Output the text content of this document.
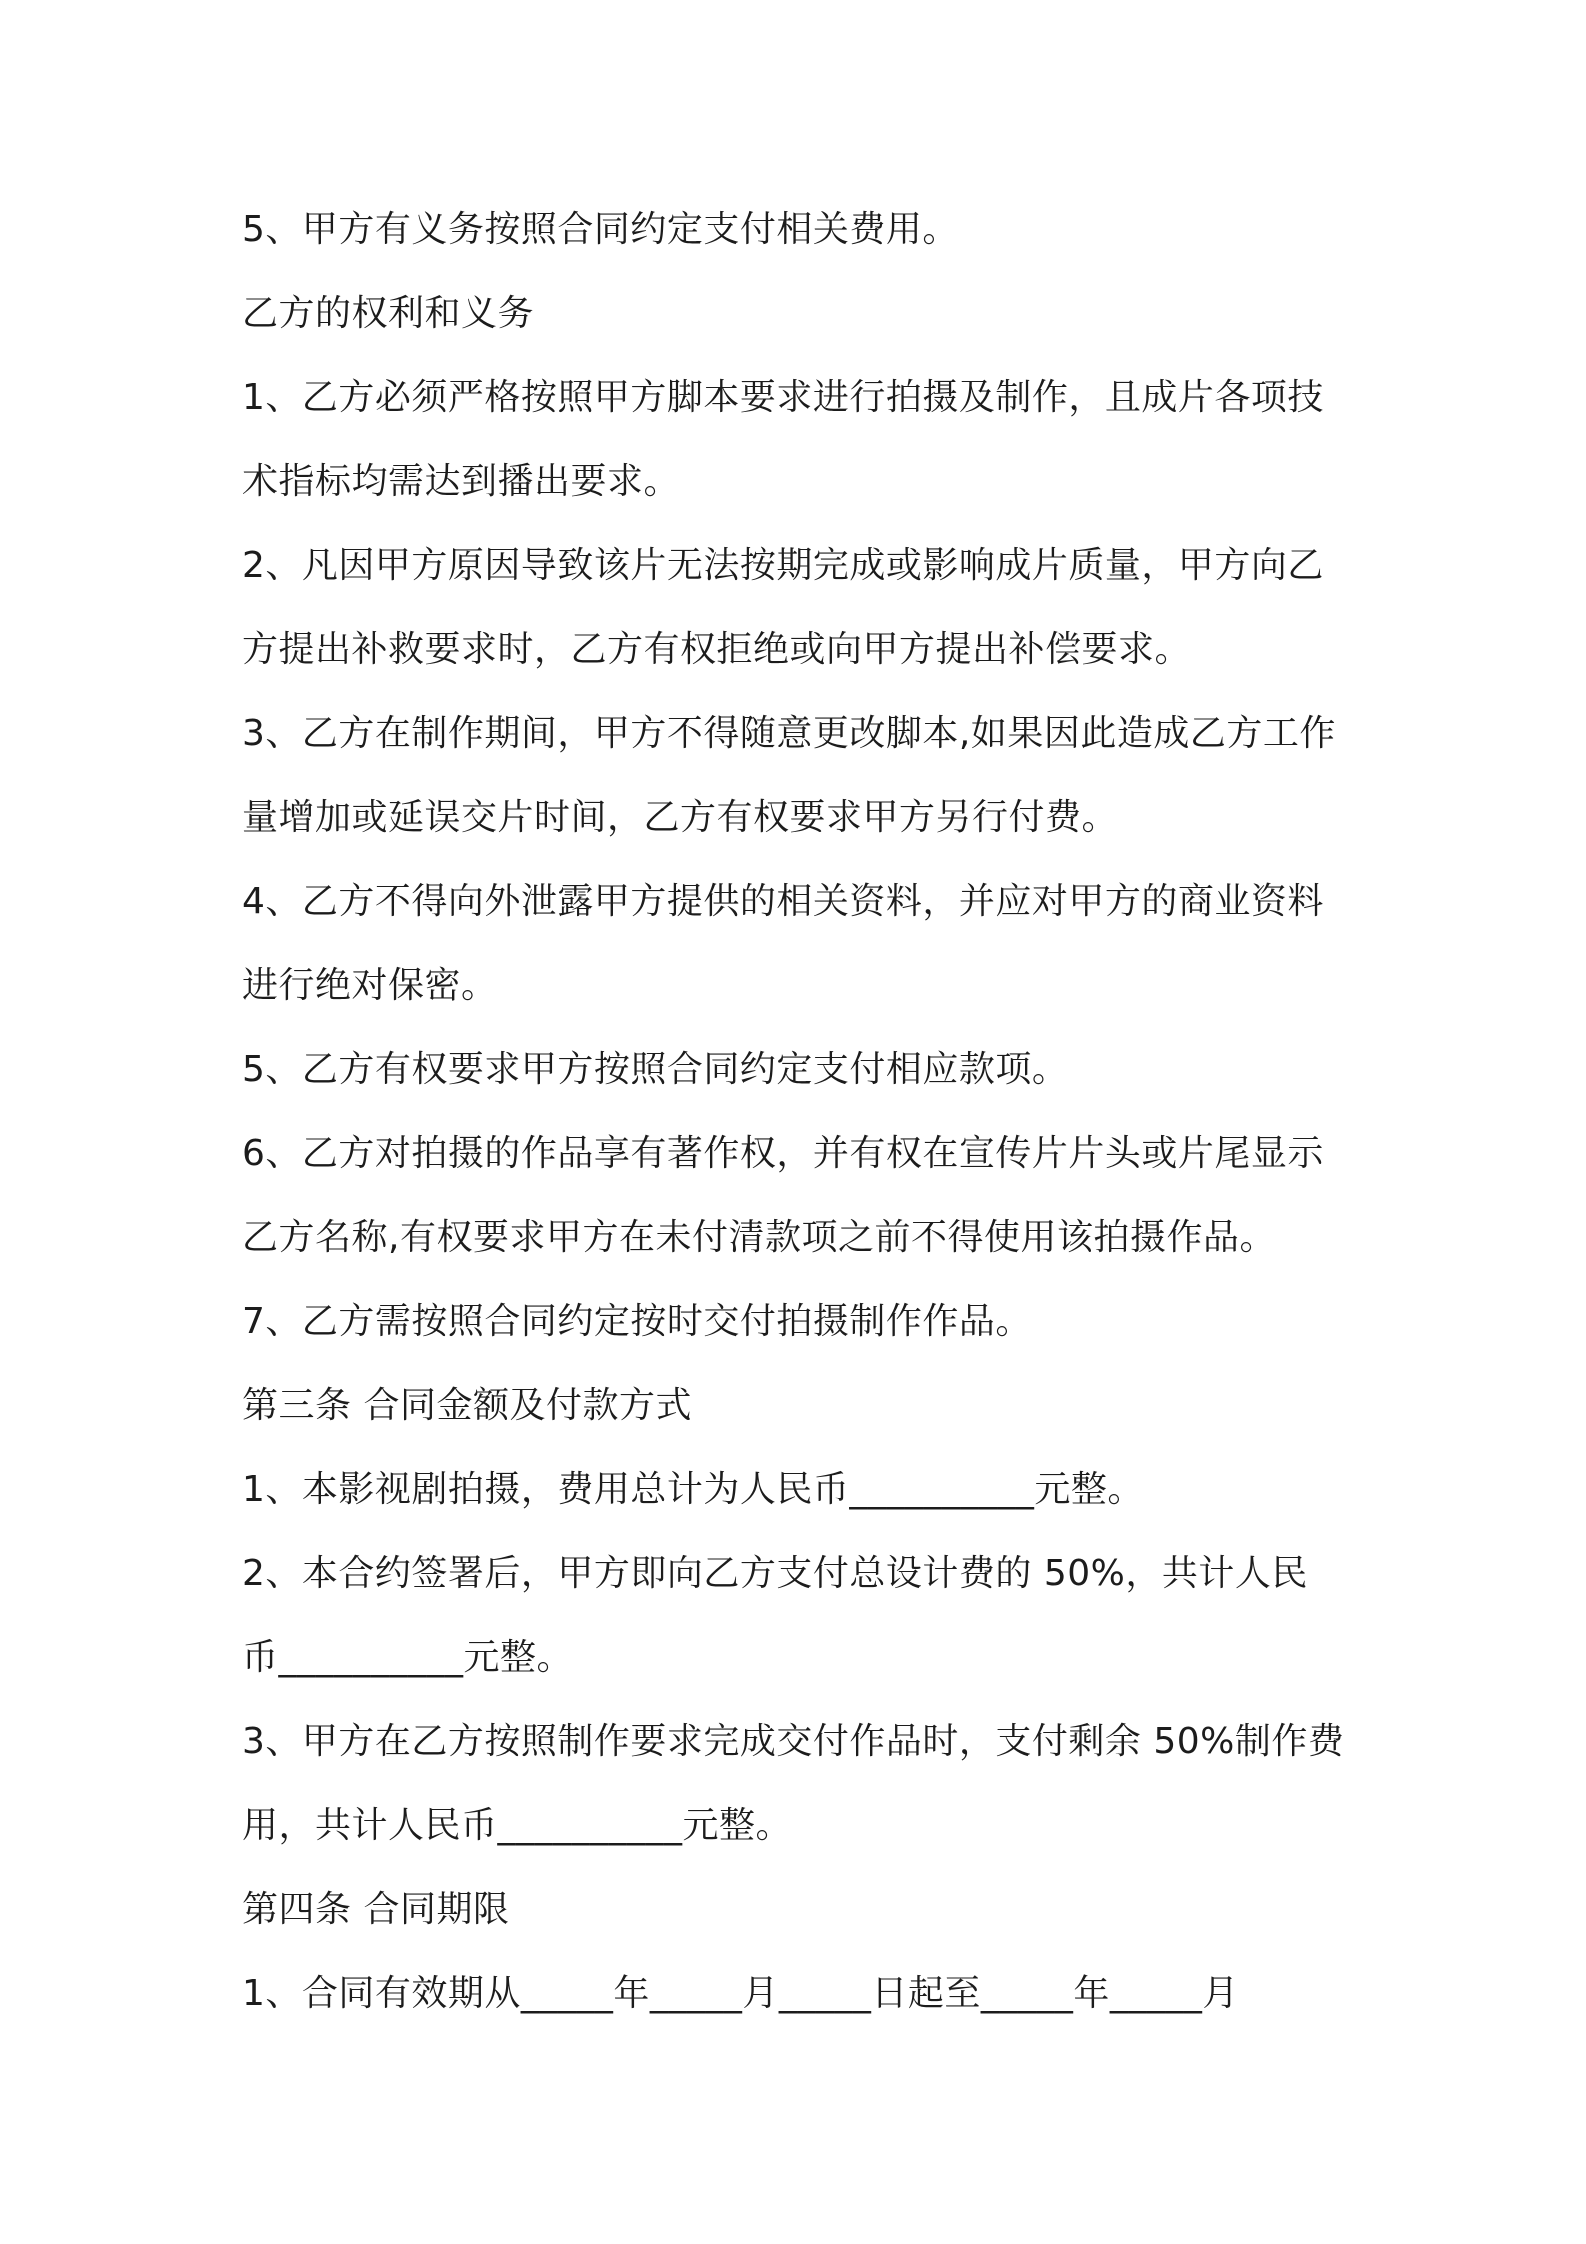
5、甲方有义务按照合同约定支付相关费用。
乙方的权利和义务
1、乙方必须严格按照甲方脚本要求进行拍摄及制作，且成片各项技
术指标均需达到播出要求。
2、凡因甲方原因导致该片无法按期完成或影响成片质量，甲方向乙
方提出补救要求时，乙方有权拒绝或向甲方提出补偿要求。
3、乙方在制作期间，甲方不得随意更改脚本,如果因此造成乙方工作
量增加或延误交片时间，乙方有权要求甲方另行付费。
4、乙方不得向外泄露甲方提供的相关资料，并应对甲方的商业资料
进行绝对保密。
5、乙方有权要求甲方按照合同约定支付相应款项。
6、乙方对拍摄的作品享有著作权，并有权在宣传片片头或片尾显示
乙方名称,有权要求甲方在未付清款项之前不得使用该拍摄作品。
7、乙方需按照合同约定按时交付拍摄制作作品。
第三条 合同金额及付款方式
1、本影视剧拍摄，费用总计为人民币__________元整。
2、本合约签署后，甲方即向乙方支付总设计费的 50%，共计人民
币__________元整。
3、甲方在乙方按照制作要求完成交付作品时，支付剩余 50%制作费
用，共计人民币__________元整。
第四条 合同期限
1、合同有效期从_____年_____月_____日起至_____年_____月
